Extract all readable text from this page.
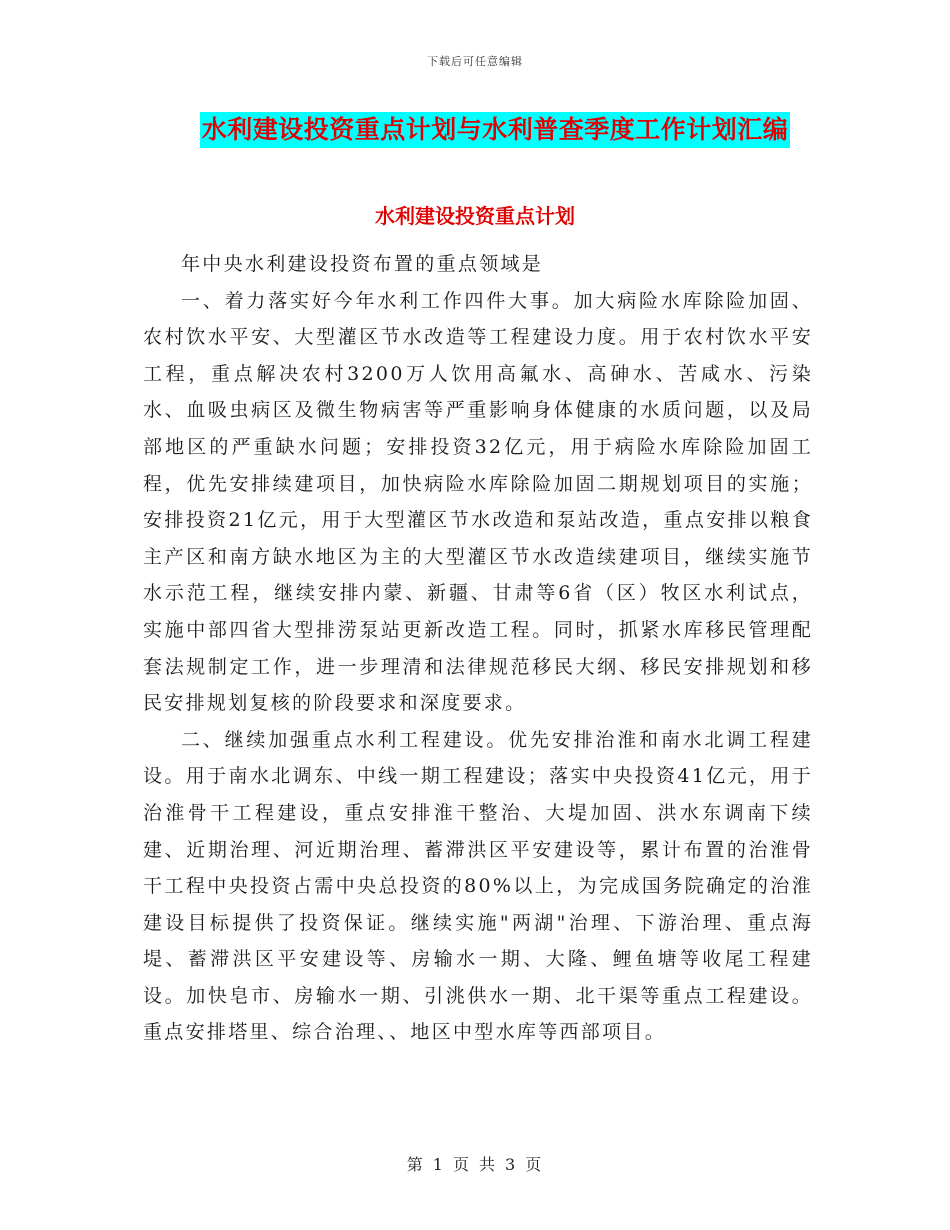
下载后可任意编辑
水利建设投资重点计划与水利普查季度工作计划汇编
水利建设投资重点计划

年中央水利建设投资布置的重点领域是

一、着力落实好今年水利工作四件大事。加大病险水库除险加固、农村饮水平安、大型灌区节水改造等工程建设力度。用于农村饮水平安工程，重点解决农村3200万人饮用高氟水、高砷水、苦咸水、污染水、血吸虫病区及微生物病害等严重影响身体健康的水质问题，以及局部地区的严重缺水问题；安排投资32亿元，用于病险水库除险加固工程，优先安排续建项目，加快病险水库除险加固二期规划项目的实施；安排投资21亿元，用于大型灌区节水改造和泵站改造，重点安排以粮食主产区和南方缺水地区为主的大型灌区节水改造续建项目，继续实施节水示范工程，继续安排内蒙、新疆、甘肃等6省（区）牧区水利试点，实施中部四省大型排涝泵站更新改造工程。同时，抓紧水库移民管理配套法规制定工作，进一步理清和法律规范移民大纲、移民安排规划和移民安排规划复核的阶段要求和深度要求。

二、继续加强重点水利工程建设。优先安排治淮和南水北调工程建设。用于南水北调东、中线一期工程建设；落实中央投资41亿元，用于治淮骨干工程建设，重点安排淮干整治、大堤加固、洪水东调南下续建、近期治理、河近期治理、蓄滞洪区平安建设等，累计布置的治淮骨干工程中央投资占需中央总投资的80%以上，为完成国务院确定的治淮建设目标提供了投资保证。继续实施"两湖"治理、下游治理、重点海堤、蓄滞洪区平安建设等、房输水一期、大隆、鲤鱼塘等收尾工程建设。加快皂市、房输水一期、引洮供水一期、北干渠等重点工程建设。重点安排塔里、综合治理、、地区中型水库等西部项目。

第 1 页 共 3 页
